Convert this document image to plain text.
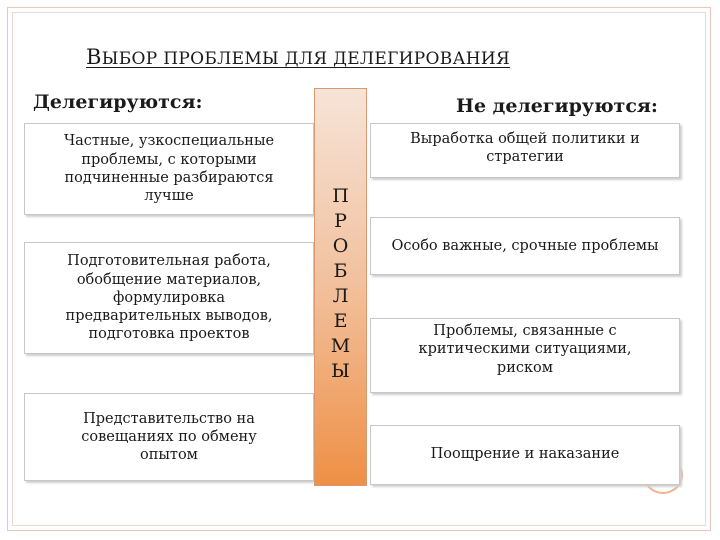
ВЫБОР ПРОБЛЕМЫ ДЛЯ ДЕЛЕГИРОВАНИЯ
Делегируются:	Не делегируются:
Частные, узкоспециальные
проблемы, с которыми
подчиненные разбираются
лучше
Подготовительная работа,
обобщение материалов,
формулировка
предварительных выводов,
подготовка проектов
Представительство на
совещаниях по обмену
опытом
П
Р
О
Б
Л
Е
М
Ы
Выработка общей политики и
стратегии
Особо важные, срочные проблемы
Проблемы, связанные с
критическими ситуациями,
риском
Поощрение и наказание
